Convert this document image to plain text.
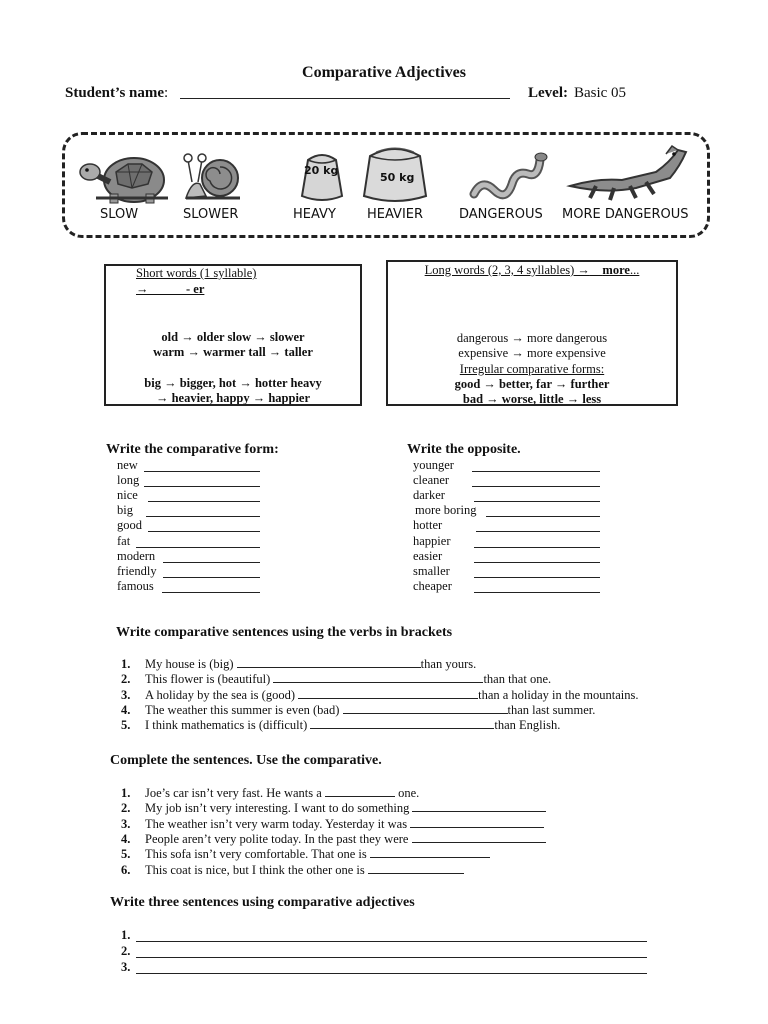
Comparative Adjectives
Student’s name:	Level: Basic 05
20 kg
50 kg
SLOW	SLOWER	HEAVY HEAVIER	DANGEROUS MORE DANGEROUS
Short words (1 syllable)
→	- er
old → older slow → slower
warm → warmer tall → taller
big → bigger, hot → hotter heavy
→ heavier, happy → happier
Long words (2, 3, 4 syllables) → more...
dangerous → more dangerous
expensive → more expensive
Irregular comparative forms:
good → better, far → further
bad → worse, little → less
Write the comparative form:	Write the opposite.
new
long
nice
big
good
fat
modern
friendly
famous
younger
cleaner
darker
more boring
hotter
happier
easier
smaller
cheaper
Write comparative sentences using the verbs in brackets
1. My house is (big)	than yours.
2. This flower is (beautiful)	than that one.
3. A holiday by the sea is (good)	than a holiday in the mountains.
4. The weather this summer is even (bad)	than last summer.
5. I think mathematics is (difficult)	than English.
Complete the sentences. Use the comparative.
1. Joe’s car isn’t very fast. He wants a	one.
2. My job isn’t very interesting. I want to do something
3. The weather isn’t very warm today. Yesterday it was
4. People aren’t very polite today. In the past they were
5. This sofa isn’t very comfortable. That one is
6. This coat is nice, but I think the other one is
Write three sentences using comparative adjectives
1.
2.
3.
